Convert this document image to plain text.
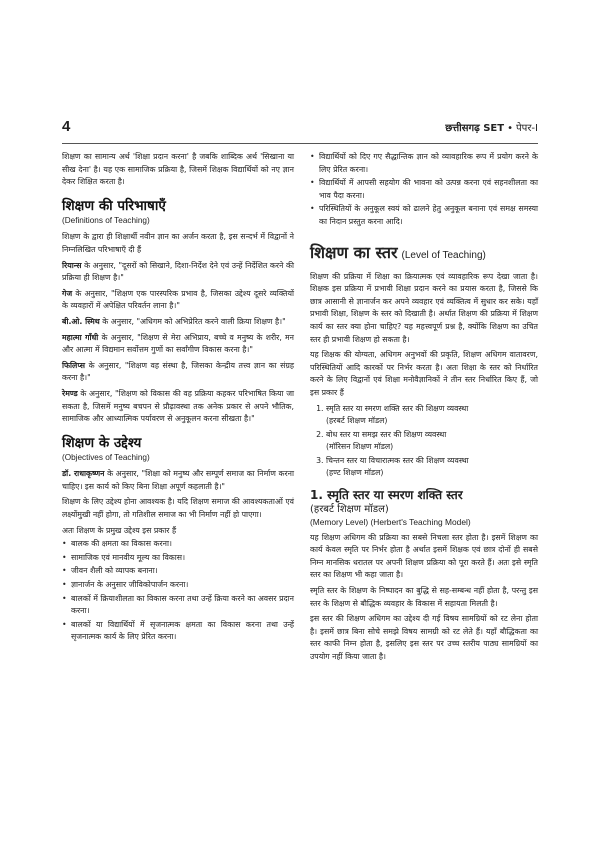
4	छत्तीसगढ़ SET • पेपर-I

शिक्षण का सामान्य अर्थ 'शिक्षा प्रदान करना' है जबकि शाब्दिक अर्थ 'सिखाना या सीख देना' है। यह एक सामाजिक प्रक्रिया है, जिसमें शिक्षक विद्यार्थियों को नए ज्ञान देकर शिक्षित करता है।

शिक्षण की परिभाषाएँ
(Definitions of Teaching)

शिक्षण के द्वारा ही शिक्षार्थी नवीन ज्ञान का अर्जन करता है, इस सन्दर्भ में विद्वानों ने निम्नलिखित परिभाषाएँ दी हैं

रियान्स के अनुसार, "दूसरों को सिखाने, दिशा-निर्देश देने एवं उन्हें निर्देशित करने की प्रक्रिया ही शिक्षण है।"

गेज के अनुसार, "शिक्षण एक पारस्परिक प्रभाव है, जिसका उद्देश्य दूसरे व्यक्तियों के व्यवहारों में अपेक्षित परिवर्तन लाना है।"

बी.ओ. स्मिथ के अनुसार, "अधिगम को अभिप्रेरित करने वाली क्रिया शिक्षण है।"

महात्मा गाँधी के अनुसार, "शिक्षण से मेरा अभिप्राय, बच्चे व मनुष्य के शरीर, मन और आत्मा में विद्यमान सर्वोत्तम गुणों का सर्वांगीण विकास करना है।"

फिलिप्स के अनुसार, "शिक्षण वह संस्था है, जिसका केन्द्रीय तत्त्व ज्ञान का संग्रह करना है।"

रेमण्ड के अनुसार, "शिक्षण को विकास की वह प्रक्रिया कहकर परिभाषित किया जा सकता है, जिसमें मनुष्य बचपन से प्रौढ़ावस्था तक अनेक प्रकार से अपने भौतिक, सामाजिक और आध्यात्मिक पर्यावरण से अनुकूलन करना सीखता है।"

शिक्षण के उद्देश्य
(Objectives of Teaching)

डॉ. राधाकृष्णन के अनुसार, "शिक्षा को मनुष्य और सम्पूर्ण समाज का निर्माण करना चाहिए। इस कार्य को किए बिना शिक्षा अपूर्ण कहलाती है।"

शिक्षण के लिए उद्देश्य होना आवश्यक है। यदि शिक्षण समाज की आवश्यकताओं एवं लक्ष्योंमुखी नहीं होगा, तो गतिशील समाज का भी निर्माण नहीं हो पाएगा।

अतः शिक्षण के प्रमुख उद्देश्य इस प्रकार हैं

• बालक की क्षमता का विकास करना।
• सामाजिक एवं मानवीय मूल्य का विकास।
• जीवन शैली को व्यापक बनाना।
• ज्ञानार्जन के अनुसार जीविकोपार्जन करना।
• बालकों में क्रियाशीलता का विकास करना तथा उन्हें क्रिया करने का अवसर प्रदान करना।
• बालकों या विद्यार्थियों में सृजनात्मक क्षमता का विकास करना तथा उन्हें सृजनात्मक कार्य के लिए प्रेरित करना।
• विद्यार्थियों को दिए गए सैद्धान्तिक ज्ञान को व्यावहारिक रूप में प्रयोग करने के लिए प्रेरित करना।
• विद्यार्थियों में आपसी सहयोग की भावना को उत्पन्न करना एवं सहनशीलता का भाव पैदा करना।
• परिस्थितियों के अनुकूल स्वयं को ढालने हेतु अनुकूल बनाना एवं समक्ष समस्या का निदान प्रस्तुत करना आदि।
शिक्षण का स्तर (Level of Teaching)

शिक्षण की प्रक्रिया में शिक्षा का क्रियात्मक एवं व्यावहारिक रूप देखा जाता है। शिक्षक इस प्रक्रिया में प्रभावी शिक्षा प्रदान करने का प्रयास करता है, जिससे कि छात्र आसानी से ज्ञानार्जन कर अपने व्यवहार एवं व्यक्तित्व में सुधार कर सके। यहाँ प्रभावी शिक्षा, शिक्षण के स्तर को दिखाती है। अर्थात शिक्षण की प्रक्रिया में शिक्षण कार्य का स्तर क्या होना चाहिए? यह महत्त्वपूर्ण प्रश्न है, क्योंकि शिक्षण का उचित स्तर ही प्रभावी शिक्षण हो सकता है।

यह शिक्षक की योग्यता, अधिगम अनुभवों की प्रकृति, शिक्षण अधिगम वातावरण, परिस्थितियों आदि कारकों पर निर्भर करता है। अतः शिक्षा के स्तर को निर्धारित करने के लिए विद्वानों एवं शिक्षा मनोवैज्ञानिकों ने तीन स्तर निर्धारित किए हैं, जो इस प्रकार हैं

1. स्मृति स्तर या स्मरण शक्ति स्तर की शिक्षण व्यवस्था
(हरबर्ट शिक्षण मॉडल)
2. बोध स्तर या समझ स्तर की शिक्षण व्यवस्था
(मॉरिसन शिक्षण मॉडल)
3. चिन्तन स्तर या विचारात्मक स्तर की शिक्षण व्यवस्था
(हण्ट शिक्षण मॉडल)
1. स्मृति स्तर या स्मरण शक्ति स्तर
(हरबर्ट शिक्षण मॉडल)
(Memory Level) (Herbert's Teaching Model)

यह शिक्षण अधिगम की प्रक्रिया का सबसे निचला स्तर होता है। इसमें शिक्षण का कार्य केवल स्मृति पर निर्भर होता है अर्थात इसमें शिक्षक एवं छात्र दोनों ही सबसे निम्न मानसिक धरातल पर अपनी शिक्षण प्रक्रिया को पूरा करते हैं। अतः इसे स्मृति स्तर का शिक्षण भी कहा जाता है।

स्मृति स्तर के शिक्षण के निष्पादन का बुद्धि से सह-सम्बन्ध नहीं होता है, परन्तु इस स्तर के शिक्षण से बौद्धिक व्यवहार के विकास में सहायता मिलती है।

इस स्तर की शिक्षण अधिगम का उद्देश्य दी गई विषय सामग्रियों को रट लेना होता है। इसमें छात्र बिना सोचे समझे विषय सामग्री को रट लेते हैं। यहाँ बौद्धिकता का स्तर काफी निम्न होता है, इसलिए इस स्तर पर उच्च स्तरीय पाठ्य सामग्रियों का उपयोग नहीं किया जाता है।
